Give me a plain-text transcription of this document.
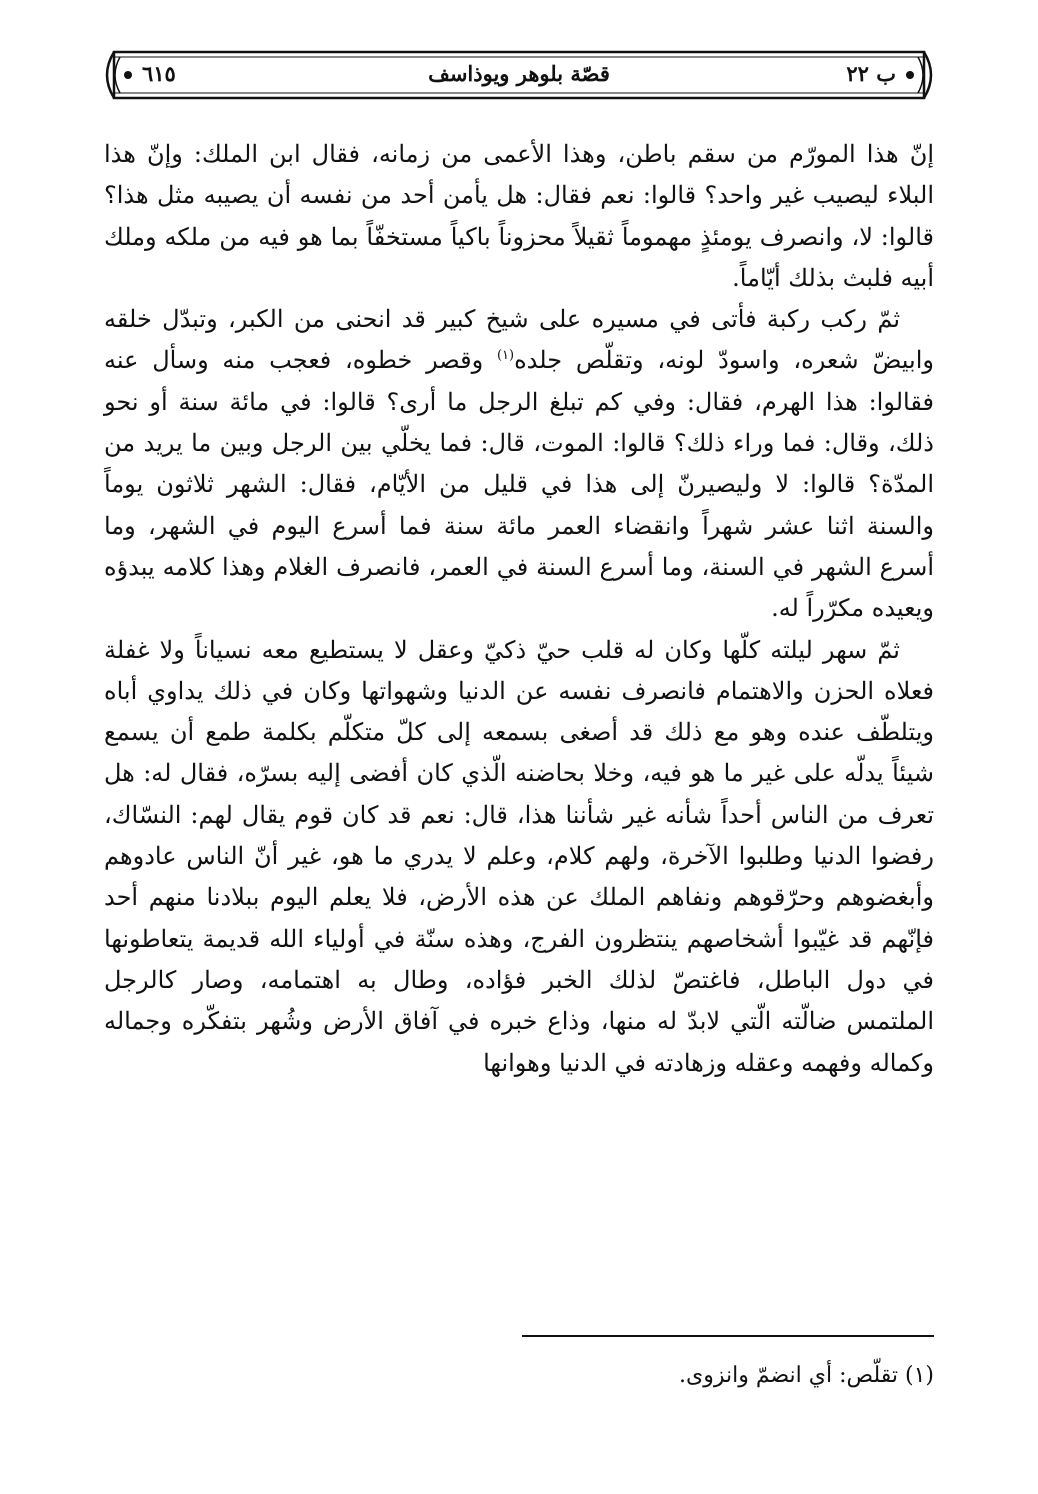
ب ٢٢
قصّة بلوهر ويوذاسف
٦١٥

إنّ هذا المورّم من سقم باطن، وهذا الأعمى من زمانه، فقال ابن الملك: وإنّ هذا البلاء ليصيب غير واحد؟ قالوا: نعم فقال: هل يأمن أحد من نفسه أن يصيبه مثل هذا؟ قالوا: لا، وانصرف يومئذٍ مهموماً ثقيلاً محزوناً باكياً مستخفّاً بما هو فيه من ملكه وملك أبيه فلبث بذلك أيّاماً.

ثمّ ركب ركبة فأتى في مسيره على شيخ كبير قد انحنى من الكبر، وتبدّل خلقه وابيضّ شعره، واسودّ لونه، وتقلّص جلده$^{(١)}$ وقصر خطوه، فعجب منه وسأل عنه فقالوا: هذا الهرم، فقال: وفي كم تبلغ الرجل ما أرى؟ قالوا: في مائة سنة أو نحو ذلك، وقال: فما وراء ذلك؟ قالوا: الموت، قال: فما يخلّي بين الرجل وبين ما يريد من المدّة؟ قالوا: لا وليصيرنّ إلى هذا في قليل من الأيّام، فقال: الشهر ثلاثون يوماً والسنة اثنا عشر شهراً وانقضاء العمر مائة سنة فما أسرع اليوم في الشهر، وما أسرع الشهر في السنة، وما أسرع السنة في العمر، فانصرف الغلام وهذا كلامه يبدؤه ويعيده مكرّراً له.

ثمّ سهر ليلته كلّها وكان له قلب حيّ ذكيّ وعقل لا يستطيع معه نسياناً ولا غفلة فعلاه الحزن والاهتمام فانصرف نفسه عن الدنيا وشهواتها وكان في ذلك يداوي أباه ويتلطّف عنده وهو مع ذلك قد أصغى بسمعه إلى كلّ متكلّم بكلمة طمع أن يسمع شيئاً يدلّه على غير ما هو فيه، وخلا بحاضنه الّذي كان أفضى إليه بسرّه، فقال له: هل تعرف من الناس أحداً شأنه غير شأننا هذا، قال: نعم قد كان قوم يقال لهم: النسّاك، رفضوا الدنيا وطلبوا الآخرة، ولهم كلام، وعلم لا يدري ما هو، غير أنّ الناس عادوهم وأبغضوهم وحرّقوهم ونفاهم الملك عن هذه الأرض، فلا يعلم اليوم ببلادنا منهم أحد فإنّهم قد غيّبوا أشخاصهم ينتظرون الفرج، وهذه سنّة في أولياء الله قديمة يتعاطونها في دول الباطل، فاغتصّ لذلك الخبر فؤاده، وطال به اهتمامه، وصار كالرجل الملتمس ضالّته الّتي لابدّ له منها، وذاع خبره في آفاق الأرض وشُهر بتفكّره وجماله وكماله وفهمه وعقله وزهادته في الدنيا وهوانها

(١) تقلّص: أي انضمّ وانزوى.
